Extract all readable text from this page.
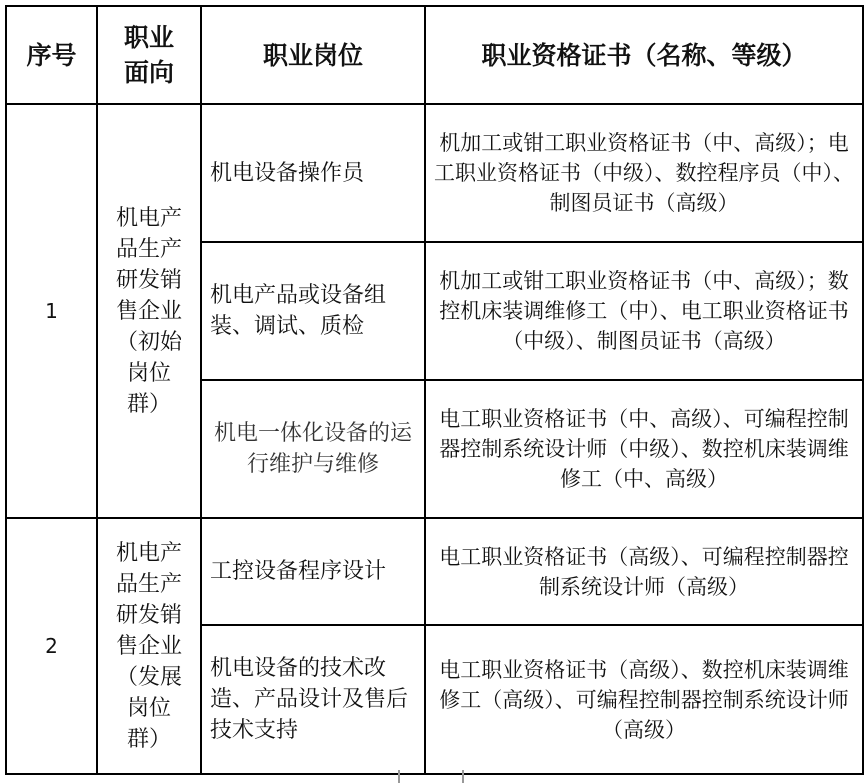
序号	职业面向	职业岗位	职业资格证书（名称、等级）
1	机电产品生产研发销售企业（初始岗位群）	机电设备操作员	机加工或钳工职业资格证书（中、高级）；电工职业资格证书（中级）、数控程序员（中）、制图员证书（高级）
		机电产品或设备组装、调试、质检	机加工或钳工职业资格证书（中、高级）；数控机床装调维修工（中）、电工职业资格证书（中级）、制图员证书（高级）
		机电一体化设备的运行维护与维修	电工职业资格证书（中、高级）、可编程控制器控制系统设计师（中级）、数控机床装调维修工（中、高级）
2	机电产品生产研发销售企业（发展岗位群）	工控设备程序设计	电工职业资格证书（高级）、可编程控制器控制系统设计师（高级）
		机电设备的技术改造、产品设计及售后技术支持	电工职业资格证书（高级）、数控机床装调维修工（高级）、可编程控制器控制系统设计师（高级）
